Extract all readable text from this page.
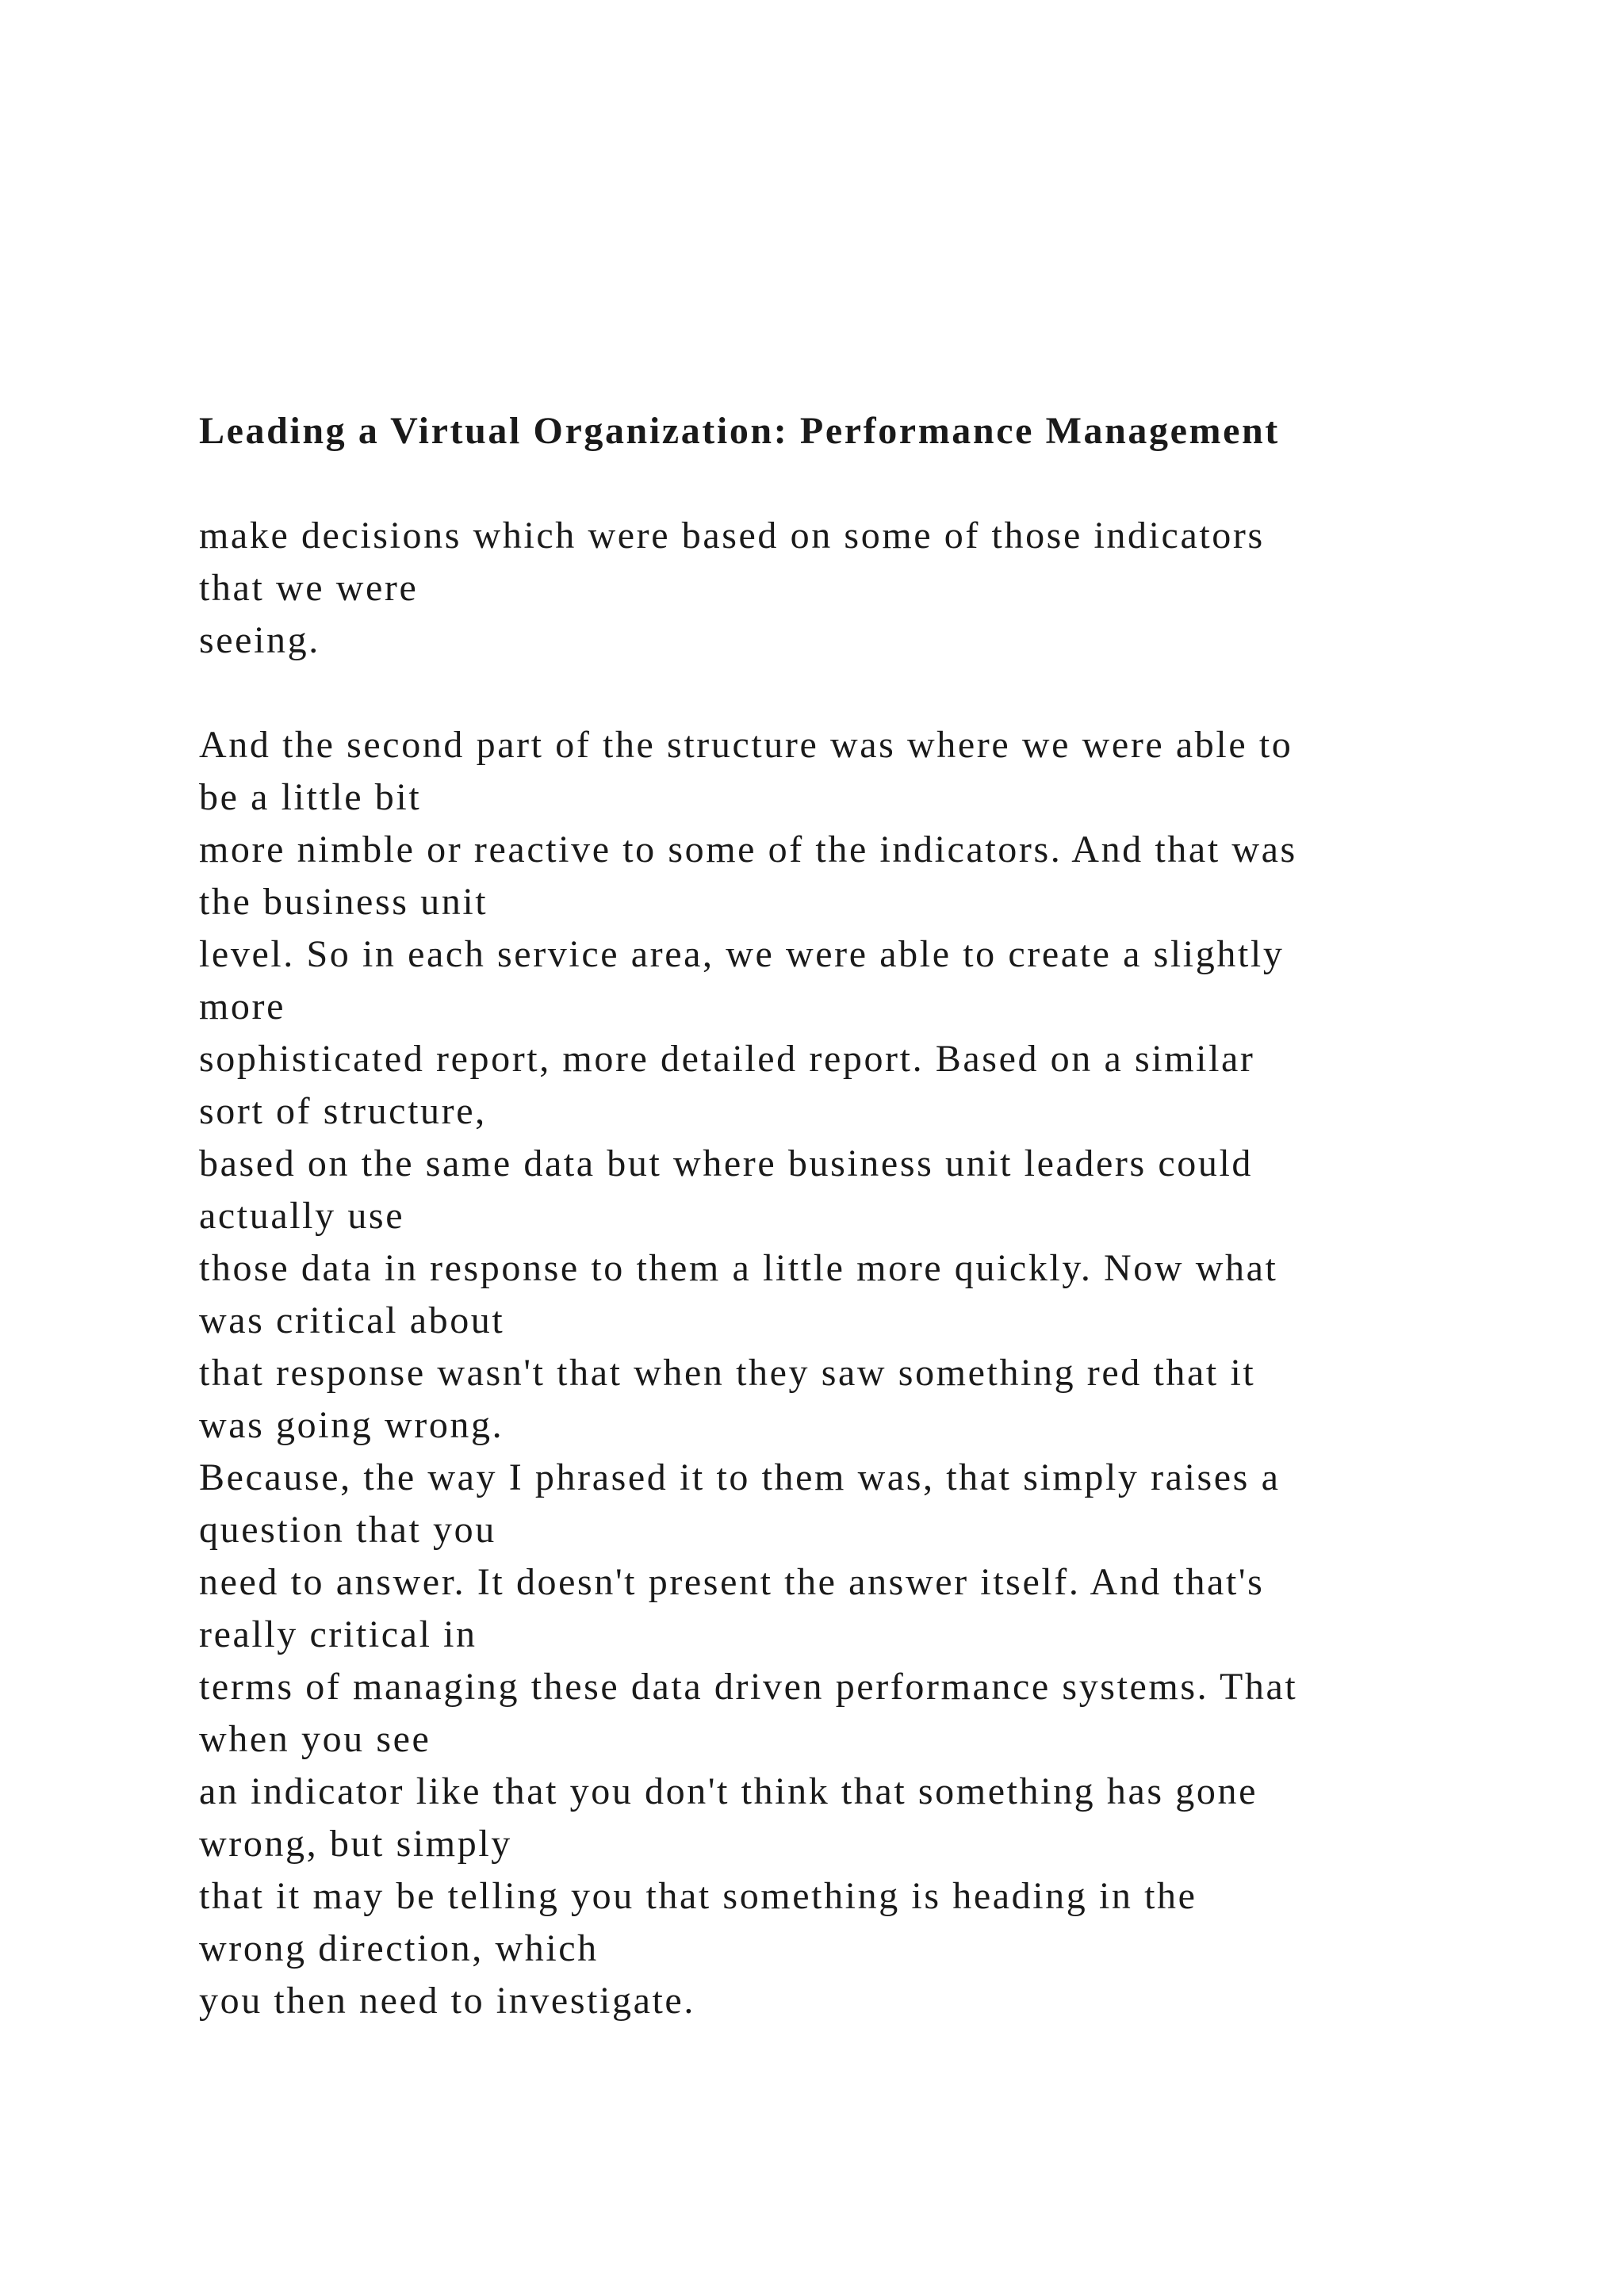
Leading a Virtual Organization: Performance Management

make decisions which were based on some of those indicators

that we were

seeing.

And the second part of the structure was where we were able to

be a little bit

more nimble or reactive to some of the indicators. And that was

the business unit

level. So in each service area, we were able to create a slightly

more

sophisticated report, more detailed report. Based on a similar

sort of structure,

based on the same data but where business unit leaders could

actually use

those data in response to them a little more quickly. Now what

was critical about

that response wasn't that when they saw something red that it

was going wrong.

Because, the way I phrased it to them was, that simply raises a

question that you

need to answer. It doesn't present the answer itself. And that's

really critical in

terms of managing these data driven performance systems. That

when you see

an indicator like that you don't think that something has gone

wrong, but simply

that it may be telling you that something is heading in the

wrong direction, which

you then need to investigate.
